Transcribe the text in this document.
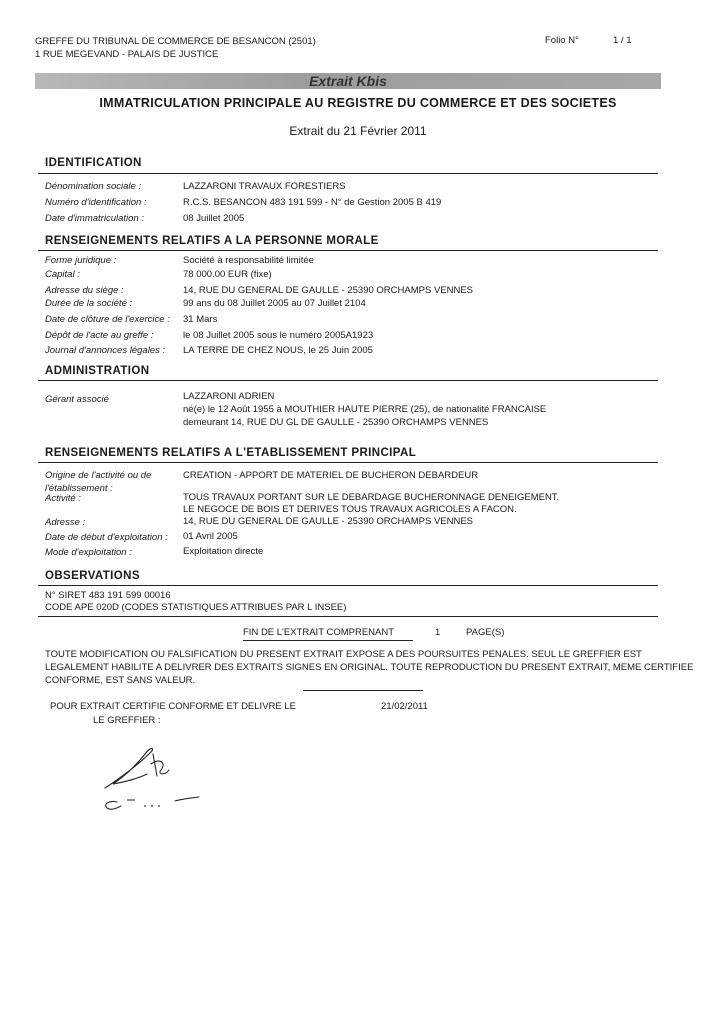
GREFFE DU TRIBUNAL DE COMMERCE DE BESANCON (2501)
1 RUE MEGEVAND - PALAIS DE JUSTICE
Folio N°	1 / 1
Extrait Kbis
IMMATRICULATION PRINCIPALE AU REGISTRE DU COMMERCE ET DES SOCIETES
Extrait du 21 Février 2011
IDENTIFICATION
Dénomination sociale :	LAZZARONI TRAVAUX FORESTIERS
Numéro d'identification :	R.C.S. BESANCON 483 191 599 - N° de Gestion 2005 B 419
Date d'immatriculation :	08 Juillet 2005
RENSEIGNEMENTS RELATIFS A LA PERSONNE MORALE
Forme juridique :	Société à responsabilité limitée
Capital :	78 000.00 EUR (fixe)
Adresse du siège :	14, RUE DU GENERAL DE GAULLE - 25390 ORCHAMPS VENNES
Durée de la société :	99 ans du 08 Juillet 2005 au 07 Juillet 2104
Date de clôture de l'exercice : 31 Mars
Dépôt de l'acte au greffe :	le 08 Juillet 2005 sous le numéro 2005A1923
Journal d'annonces légales : LA TERRE DE CHEZ NOUS, le 25 Juin 2005
ADMINISTRATION
Gérant associé	LAZZARONI ADRIEN
né(e) le 12 Août 1955 à MOUTHIER HAUTE PIERRE (25), de nationalité FRANCAISE
demeurant 14, RUE DU GL DE GAULLE - 25390 ORCHAMPS VENNES
RENSEIGNEMENTS RELATIFS A L'ETABLISSEMENT PRINCIPAL
Origine de l'activité ou de
l'établissement :
CREATION - APPORT DE MATERIEL DE BUCHERON DEBARDEUR
Activité :	TOUS TRAVAUX PORTANT SUR LE DEBARDAGE BUCHERONNAGE DENEIGEMENT.
LE NEGOCE DE BOIS ET DERIVES TOUS TRAVAUX AGRICOLES A FACON.
Adresse :	14, RUE DU GENERAL DE GAULLE - 25390 ORCHAMPS VENNES
Date de début d'exploitation : 01 Avril 2005
Mode d'exploitation :	Exploitation directe
OBSERVATIONS
N° SIRET 483 191 599 00016
CODE APE 020D (CODES STATISTIQUES ATTRIBUES PAR L INSEE)
FIN DE L'EXTRAIT COMPRENANT	1	PAGE(S)
TOUTE MODIFICATION OU FALSIFICATION DU PRESENT EXTRAIT EXPOSE A DES POURSUITES PENALES. SEUL LE GREFFIER EST
LEGALEMENT HABILITE A DELIVRER DES EXTRAITS SIGNES EN ORIGINAL. TOUTE REPRODUCTION DU PRESENT EXTRAIT, MEME CERTIFIEE
CONFORME, EST SANS VALEUR.
POUR EXTRAIT CERTIFIE CONFORME ET DELIVRE LE	21/02/2011
LE GREFFIER :
